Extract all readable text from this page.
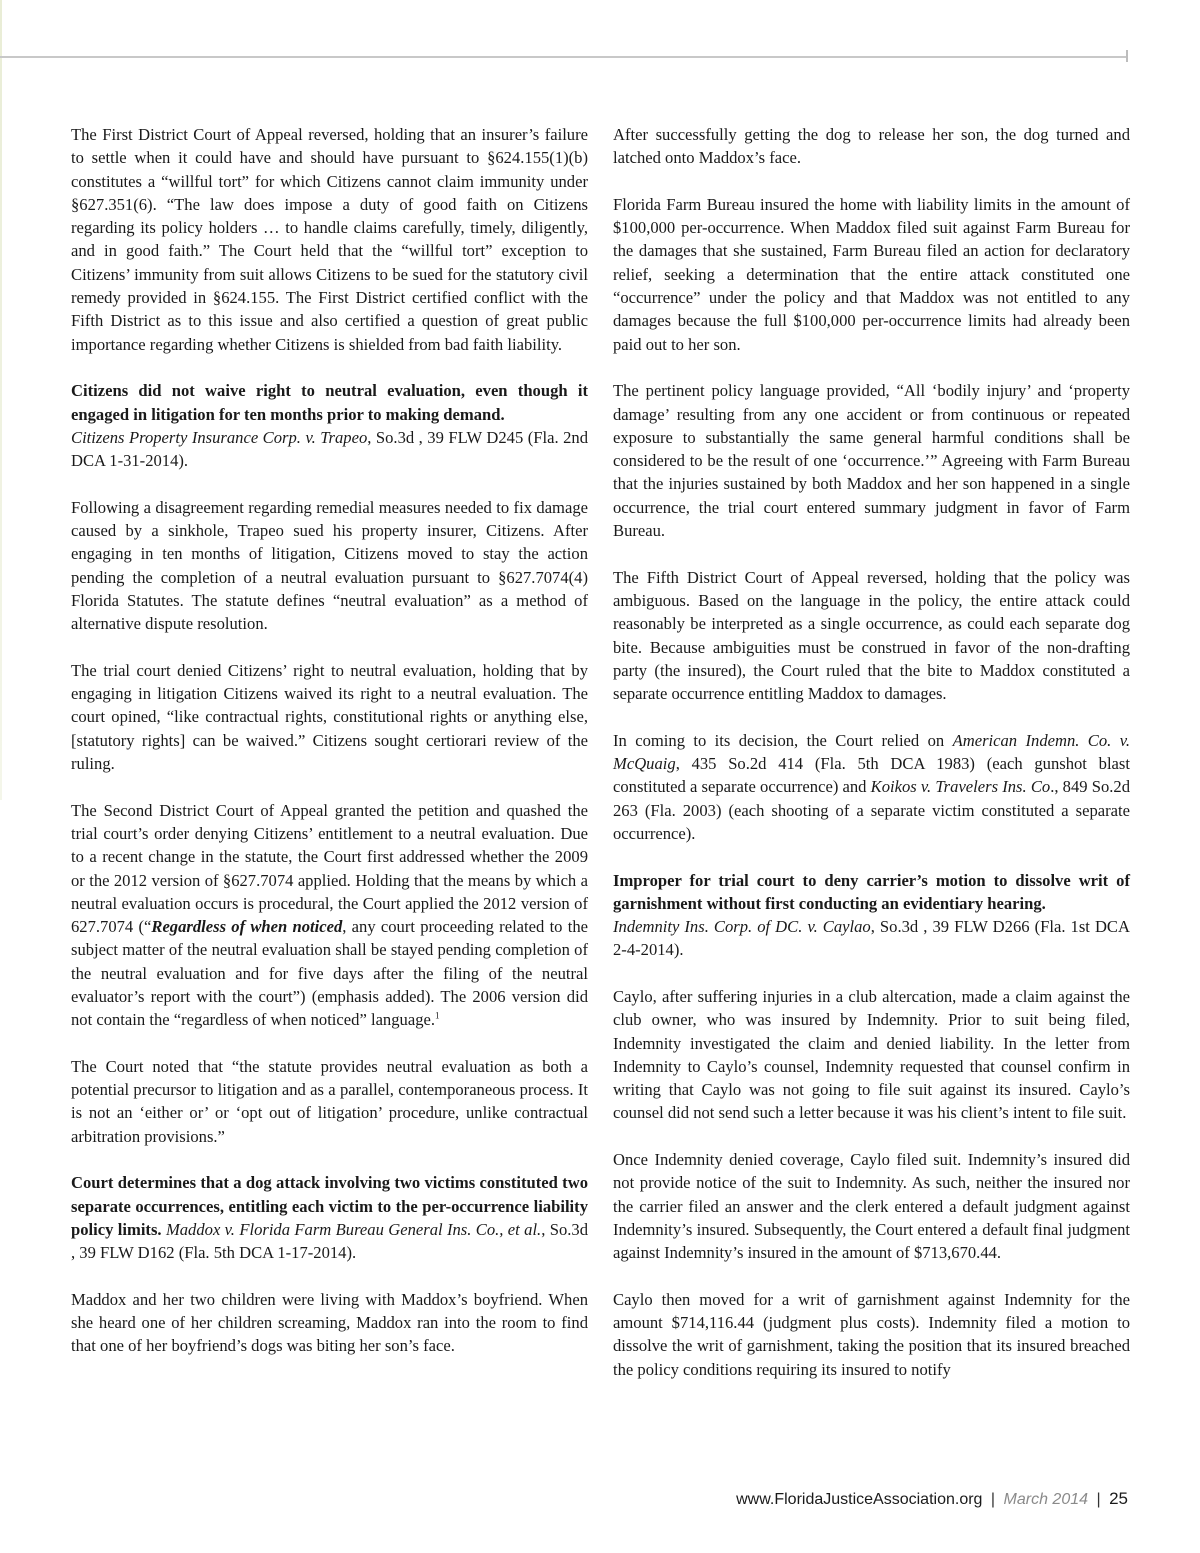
The First District Court of Appeal reversed, holding that an insurer’s failure to settle when it could have and should have pursuant to §624.155(1)(b) constitutes a “willful tort” for which Citizens cannot claim immunity under §627.351(6). “The law does impose a duty of good faith on Citizens regarding its policy holders … to handle claims carefully, timely, diligently, and in good faith.” The Court held that the “willful tort” exception to Citizens’ immunity from suit allows Citizens to be sued for the statutory civil remedy provided in §624.155. The First District certified conflict with the Fifth District as to this issue and also certified a question of great public importance regarding whether Citizens is shielded from bad faith liability.

Citizens did not waive right to neutral evaluation, even though it engaged in litigation for ten months prior to making demand.

Citizens Property Insurance Corp. v. Trapeo, So.3d , 39 FLW D245 (Fla. 2nd DCA 1-31-2014).

Following a disagreement regarding remedial measures needed to fix damage caused by a sinkhole, Trapeo sued his property insurer, Citizens. After engaging in ten months of litigation, Citizens moved to stay the action pending the completion of a neutral evaluation pursuant to §627.7074(4) Florida Statutes. The statute defines “neutral evaluation” as a method of alternative dispute resolution.

The trial court denied Citizens’ right to neutral evaluation, holding that by engaging in litigation Citizens waived its right to a neutral evaluation. The court opined, “like contractual rights, constitutional rights or anything else, [statutory rights] can be waived.” Citizens sought certiorari review of the ruling.

The Second District Court of Appeal granted the petition and quashed the trial court’s order denying Citizens’ entitlement to a neutral evaluation. Due to a recent change in the statute, the Court first addressed whether the 2009 or the 2012 version of §627.7074 applied. Holding that the means by which a neutral evaluation occurs is procedural, the Court applied the 2012 version of 627.7074 (“Regardless of when noticed, any court proceeding related to the subject matter of the neutral evaluation shall be stayed pending completion of the neutral evaluation and for five days after the filing of the neutral evaluator’s report with the court”) (emphasis added). The 2006 version did not contain the “regardless of when noticed” language.$^1$

The Court noted that “the statute provides neutral evaluation as both a potential precursor to litigation and as a parallel, contemporaneous process. It is not an ‘either or’ or ‘opt out of litigation’ procedure, unlike contractual arbitration provisions.”

Court determines that a dog attack involving two victims constituted two separate occurrences, entitling each victim to the per-occurrence liability policy limits. Maddox v. Florida Farm Bureau General Ins. Co., et al., So.3d , 39 FLW D162 (Fla. 5th DCA 1-17-2014).

Maddox and her two children were living with Maddox’s boyfriend. When she heard one of her children screaming, Maddox ran into the room to find that one of her boyfriend’s dogs was biting her son’s face.

After successfully getting the dog to release her son, the dog turned and latched onto Maddox’s face.

Florida Farm Bureau insured the home with liability limits in the amount of $100,000 per-occurrence. When Maddox filed suit against Farm Bureau for the damages that she sustained, Farm Bureau filed an action for declaratory relief, seeking a determination that the entire attack constituted one “occurrence” under the policy and that Maddox was not entitled to any damages because the full $100,000 per-occurrence limits had already been paid out to her son.

The pertinent policy language provided, “All ‘bodily injury’ and ‘property damage’ resulting from any one accident or from continuous or repeated exposure to substantially the same general harmful conditions shall be considered to be the result of one ‘occurrence.’” Agreeing with Farm Bureau that the injuries sustained by both Maddox and her son happened in a single occurrence, the trial court entered summary judgment in favor of Farm Bureau.

The Fifth District Court of Appeal reversed, holding that the policy was ambiguous. Based on the language in the policy, the entire attack could reasonably be interpreted as a single occurrence, as could each separate dog bite. Because ambiguities must be construed in favor of the non-drafting party (the insured), the Court ruled that the bite to Maddox constituted a separate occurrence entitling Maddox to damages.

In coming to its decision, the Court relied on American Indemn. Co. v. McQuaig, 435 So.2d 414 (Fla. 5th DCA 1983) (each gunshot blast constituted a separate occurrence) and Koikos v. Travelers Ins. Co., 849 So.2d 263 (Fla. 2003) (each shooting of a separate victim constituted a separate occurrence).

Improper for trial court to deny carrier’s motion to dissolve writ of garnishment without first conducting an evidentiary hearing.

Indemnity Ins. Corp. of DC. v. Caylao, So.3d , 39 FLW D266 (Fla. 1st DCA 2-4-2014).

Caylo, after suffering injuries in a club altercation, made a claim against the club owner, who was insured by Indemnity. Prior to suit being filed, Indemnity investigated the claim and denied liability. In the letter from Indemnity to Caylo’s counsel, Indemnity requested that counsel confirm in writing that Caylo was not going to file suit against its insured. Caylo’s counsel did not send such a letter because it was his client’s intent to file suit.

Once Indemnity denied coverage, Caylo filed suit. Indemnity’s insured did not provide notice of the suit to Indemnity. As such, neither the insured nor the carrier filed an answer and the clerk entered a default judgment against Indemnity’s insured. Subsequently, the Court entered a default final judgment against Indemnity’s insured in the amount of $713,670.44.

Caylo then moved for a writ of garnishment against Indemnity for the amount $714,116.44 (judgment plus costs). Indemnity filed a motion to dissolve the writ of garnishment, taking the position that its insured breached the policy conditions requiring its insured to notify

www.FloridaJusticeAssociation.org | March 2014 | 25
